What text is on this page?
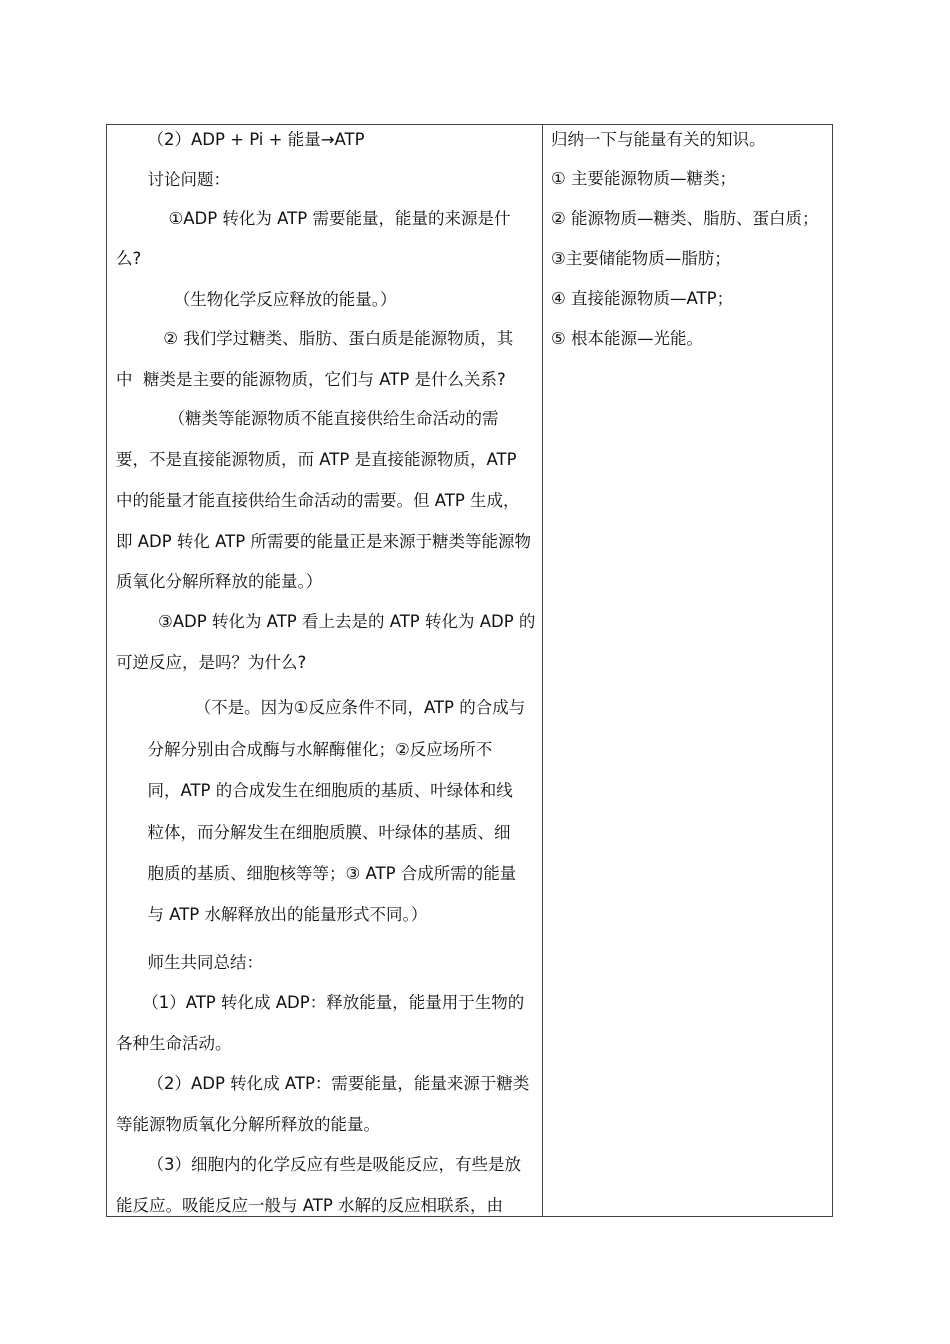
（2）ADP + Pi + 能量→ATP
讨论问题：
①ADP 转化为 ATP 需要能量，能量的来源是什
么?
（生物化学反应释放的能量。）
② 我们学过糖类、脂肪、蛋白质是能源物质，其
中  糖类是主要的能源物质，它们与 ATP 是什么关系?
（糖类等能源物质不能直接供给生命活动的需
要，不是直接能源物质，而 ATP 是直接能源物质，ATP
中的能量才能直接供给生命活动的需要。但 ATP 生成，
即 ADP 转化 ATP 所需要的能量正是来源于糖类等能源物
质氧化分解所释放的能量。）
③ADP 转化为 ATP 看上去是的 ATP 转化为 ADP 的
可逆反应，是吗？为什么?
（不是。因为①反应条件不同，ATP 的合成与
分解分别由合成酶与水解酶催化；②反应场所不
同，ATP 的合成发生在细胞质的基质、叶绿体和线
粒体，而分解发生在细胞质膜、叶绿体的基质、细
胞质的基质、细胞核等等；③ ATP 合成所需的能量
与 ATP 水解释放出的能量形式不同。）
师生共同总结：
（1）ATP 转化成 ADP：释放能量，能量用于生物的
各种生命活动。
（2）ADP 转化成 ATP：需要能量，能量来源于糖类
等能源物质氧化分解所释放的能量。
（3）细胞内的化学反应有些是吸能反应，有些是放
能反应。吸能反应一般与 ATP 水解的反应相联系，由
归纳一下与能量有关的知识。
① 主要能源物质—糖类；
② 能源物质—糖类、脂肪、蛋白质；
③主要储能物质—脂肪；
④ 直接能源物质—ATP；
⑤ 根本能源—光能。
